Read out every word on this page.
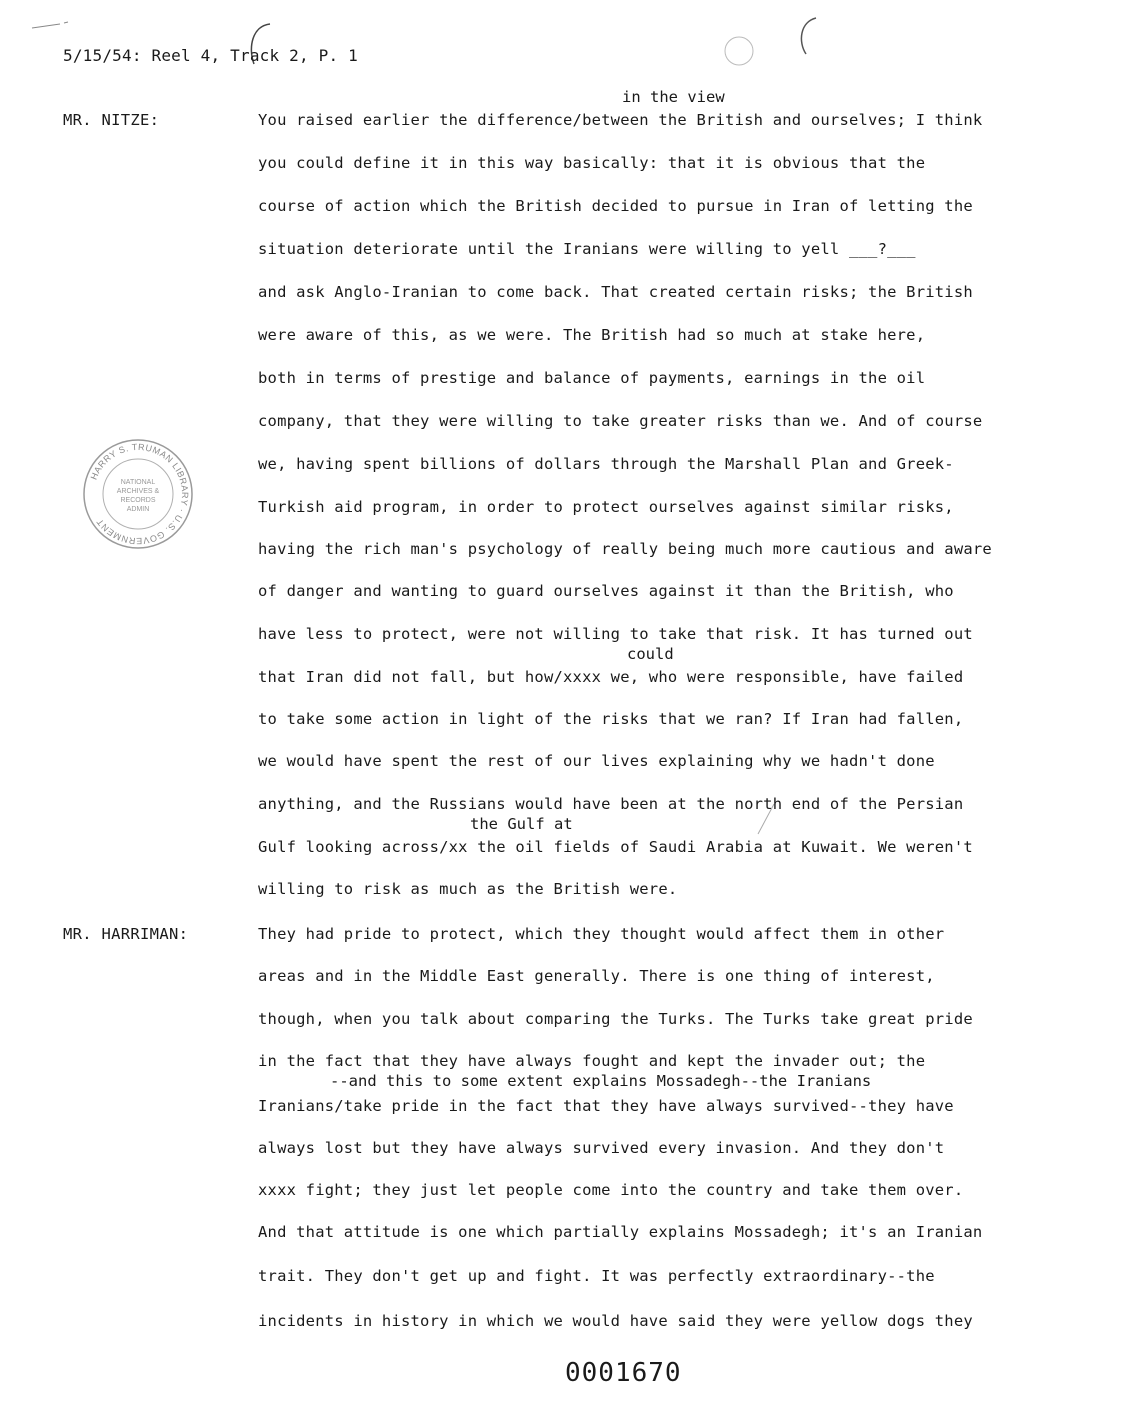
5/15/54: Reel 4, Track 2, P. 1
in the view
could
the Gulf at
--and this to some extent explains Mossadegh--the Iranians
MR. NITZE:	You raised earlier the difference/between the British and ourselves; I think
you could define it in this way basically: that it is obvious that the
course of action which the British decided to pursue in Iran of letting the
situation deteriorate until the Iranians were willing to yell ___?___
and ask Anglo-Iranian to come back. That created certain risks; the British
were aware of this, as we were. The British had so much at stake here,
both in terms of prestige and balance of payments, earnings in the oil
company, that they were willing to take greater risks than we. And of course
we, having spent billions of dollars through the Marshall Plan and Greek-
Turkish aid program, in order to protect ourselves against similar risks,
having the rich man's psychology of really being much more cautious and aware
of danger and wanting to guard ourselves against it than the British, who
have less to protect, were not willing to take that risk. It has turned out
that Iran did not fall, but how/xxxx we, who were responsible, have failed
to take some action in light of the risks that we ran? If Iran had fallen,
we would have spent the rest of our lives explaining why we hadn't done
anything, and the Russians would have been at the north end of the Persian
Gulf looking across/xx the oil fields of Saudi Arabia at Kuwait. We weren't
willing to risk as much as the British were.
MR. HARRIMAN:	They had pride to protect, which they thought would affect them in other
areas and in the Middle East generally. There is one thing of interest,
though, when you talk about comparing the Turks. The Turks take great pride
in the fact that they have always fought and kept the invader out; the
Iranians/take pride in the fact that they have always survived--they have
always lost but they have always survived every invasion. And they don't
xxxx fight; they just let people come into the country and take them over.
And that attitude is one which partially explains Mossadegh; it's an Iranian
trait. They don't get up and fight. It was perfectly extraordinary--the
incidents in history in which we would have said they were yellow dogs they
HARRY S. TRUMAN LIBRARY · U.S. GOVERNMENT
NATIONAL
ARCHIVES &
RECORDS
ADMIN
0001670
